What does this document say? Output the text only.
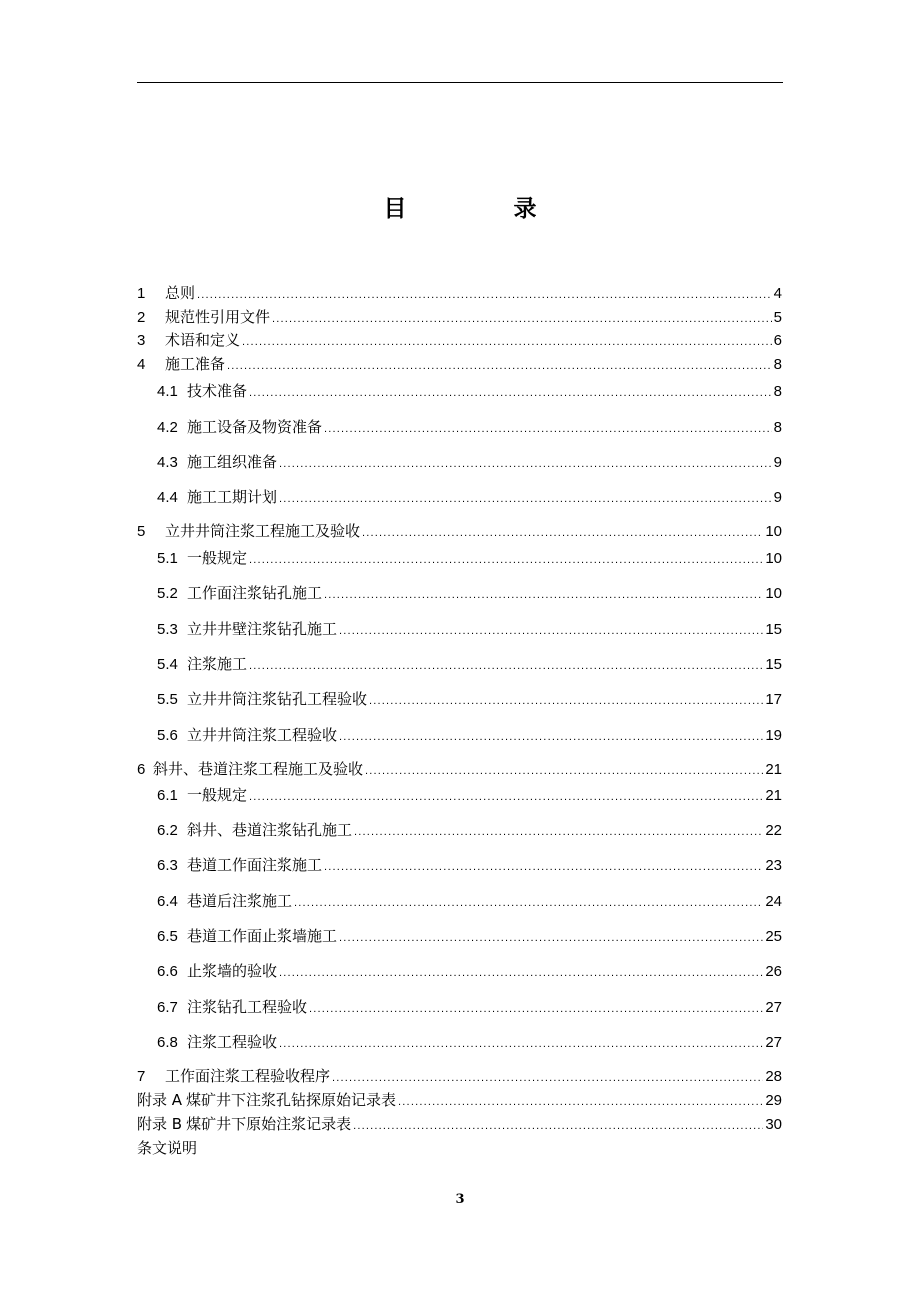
目　录
1	总则 .....	4
2	规范性引用文件 .....	5
3	术语和定义 .....	6
4	施工准备 .....	8
4.1 技术准备 .....	8
4.2 施工设备及物资准备 .....	8
4.3 施工组织准备 .....	9
4.4 施工工期计划 .....	9
5	立井井筒注浆工程施工及验收 .....	10
5.1 一般规定 .....	10
5.2 工作面注浆钻孔施工 .....	10
5.3 立井井壁注浆钻孔施工 .....	15
5.4 注浆施工 .....	15
5.5 立井井筒注浆钻孔工程验收 .....	17
5.6 立井井筒注浆工程验收 .....	19
6 斜井、巷道注浆工程施工及验收 .....	21
6.1 一般规定 .....	21
6.2 斜井、巷道注浆钻孔施工 .....	22
6.3 巷道工作面注浆施工 .....	23
6.4 巷道后注浆施工 .....	24
6.5 巷道工作面止浆墙施工 .....	25
6.6 止浆墙的验收 .....	26
6.7 注浆钻孔工程验收 .....	27
6.8 注浆工程验收 .....	27
7	工作面注浆工程验收程序 .....	28
附录 A 煤矿井下注浆孔钻探原始记录表 .....	29
附录 B 煤矿井下原始注浆记录表 .....	30
条文说明
3
